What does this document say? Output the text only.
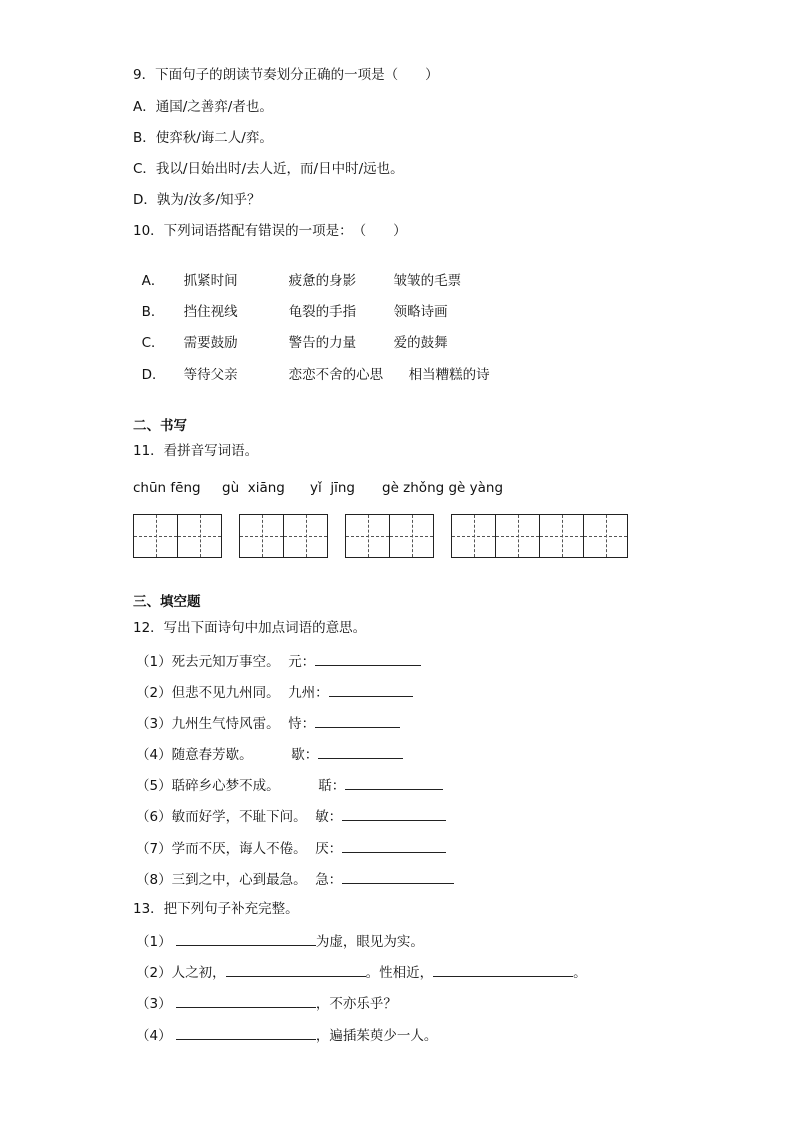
9．下面句子的朗读节奏划分正确的一项是（　　）
A．通国/之善弈/者也。
B．使弈秋/诲二人/弈。
C．我以/日始出时/去人近，而/日中时/远也。
D．孰为/汝多/知乎？
10．下列词语搭配有错误的一项是：　（　　）

A． 抓紧时间	疲惫的身影	皱皱的毛票

B． 挡住视线	龟裂的手指	领略诗画

C． 需要鼓励	警告的力量	爱的鼓舞

D． 等待父亲	恋恋不舍的心思 相当糟糕的诗

二、书写
11．看拼音写词语。
chūn fēng gù  xiāng yǐ  jīng gè zhǒng gè yàng
三、填空题
12．写出下面诗句中加点词语的意思。
（1）死去元知万事空。 元：
（2）但悲不见九州同。 九州：
（3）九州生气恃风雷。 恃：
（4）随意春芳歇。	歇：
（5）聒碎乡心梦不成。	聒：
（6）敏而好学，不耻下问。 敏：
（7）学而不厌，诲人不倦。 厌：
（8）三到之中，心到最急。 急：
13．把下列句子补充完整。
（1）	为虚，眼见为实。
（2）人之初，	。性相近，	。
（3）	，不亦乐乎？
（4）	，遍插茱萸少一人。
